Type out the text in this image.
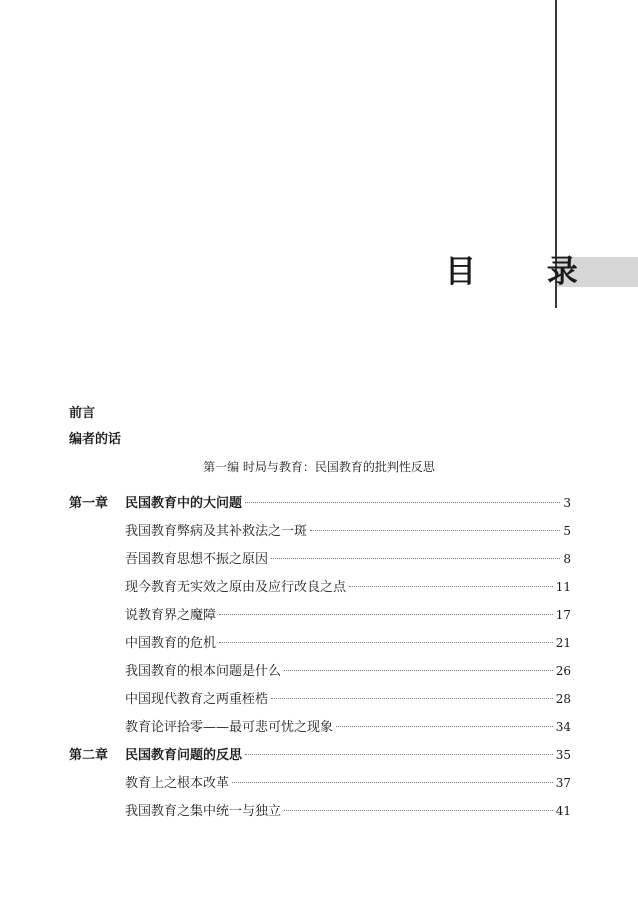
目 录
前言
编者的话
第一编 时局与教育：民国教育的批判性反思
第一章	民国教育中的大问题	3
我国教育弊病及其补救法之一斑	5
吾国教育思想不振之原因	8
现今教育无实效之原由及应行改良之点	11
说教育界之魔障	17
中国教育的危机	21
我国教育的根本问题是什么	26
中国现代教育之两重桎梏	28
教育论评拾零——最可悲可忧之现象	34
第二章	民国教育问题的反思	35
教育上之根本改革	37
我国教育之集中统一与独立	41
